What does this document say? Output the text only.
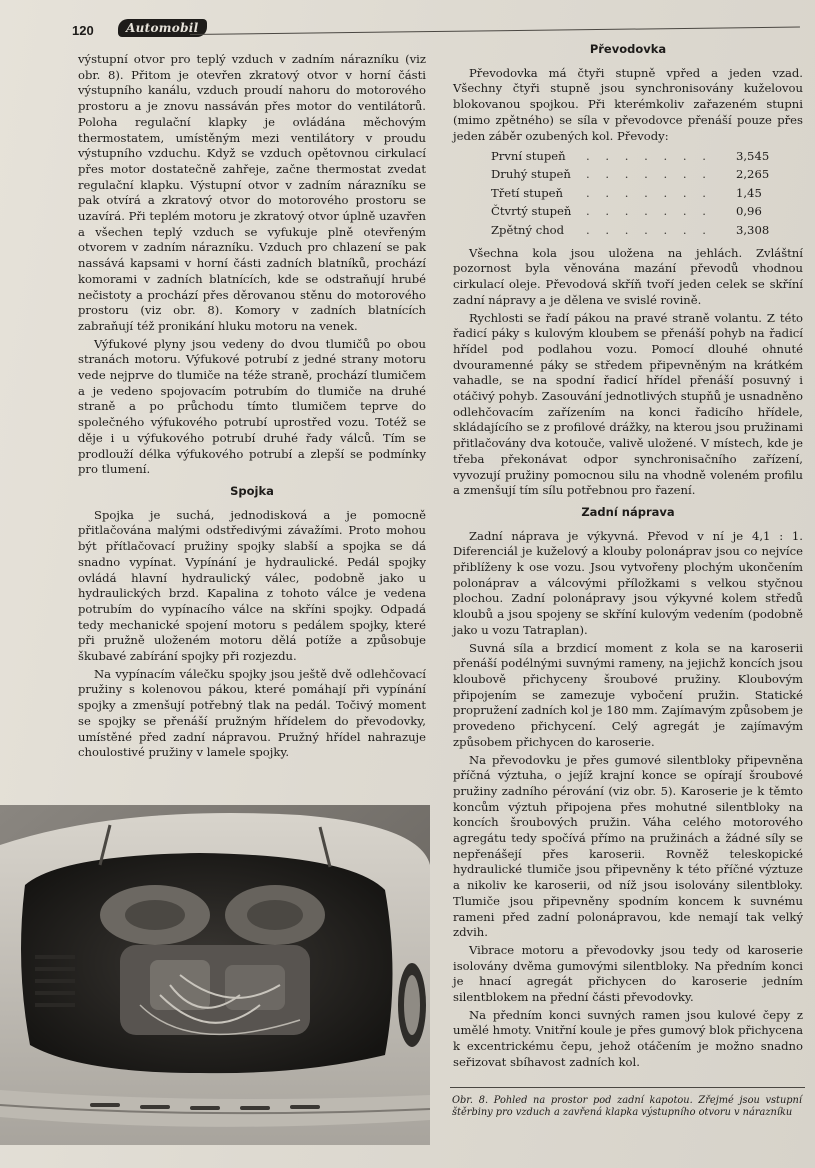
120	Automobil

výstupní otvor pro teplý vzduch v zadním nárazníku (viz obr. 8). Přitom je otevřen zkratový otvor v horní části výstupního kanálu, vzduch proudí nahoru do motorového prostoru a je znovu nassáván přes motor do ventilátorů. Poloha regulační klapky je ovládána měchovým thermostatem, umístěným mezi ventilátory v proudu výstupního vzduchu. Když se vzduch opětovnou cirkulací přes motor dostatečně zahřeje, začne thermostat zvedat regulační klapku. Výstupní otvor v zadním nárazníku se pak otvírá a zkratový otvor do motorového prostoru se uzavírá. Při teplém motoru je zkratový otvor úplně uzavřen a všechen teplý vzduch se vyfukuje plně otevřeným otvorem v zadním nárazníku. Vzduch pro chlazení se pak nassává kapsami v horní části zadních blatníků, prochází komorami v zadních blatnících, kde se odstraňují hrubé nečistoty a prochází přes děrovanou stěnu do motorového prostoru (viz obr. 8). Komory v zadních blatnících zabraňují též pronikání hluku motoru na venek.

Výfukové plyny jsou vedeny do dvou tlumičů po obou stranách motoru. Výfukové potrubí z jedné strany motoru vede nejprve do tlumiče na téže straně, prochází tlumičem a je vedeno spojovacím potrubím do tlumiče na druhé straně a po průchodu tímto tlumičem teprve do společného výfukového potrubí uprostřed vozu. Totéž se děje i u výfukového potrubí druhé řady válců. Tím se prodlouží délka výfukového potrubí a zlepší se podmínky pro tlumení.

Spojka

Spojka je suchá, jednodisková a je pomocně přitlačována malými odstředivými závažími. Proto mohou být přítlačovací pružiny spojky slabší a spojka se dá snadno vypínat. Vypínání je hydraulické. Pedál spojky ovládá hlavní hydraulický válec, podobně jako u hydraulických brzd. Kapalina z tohoto válce je vedena potrubím do vypínacího válce na skříni spojky. Odpadá tedy mechanické spojení motoru s pedálem spojky, které při pružně uloženém motoru dělá potíže a způsobuje škubavé zabírání spojky při rozjezdu.

Na vypínacím válečku spojky jsou ještě dvě odlehčovací pružiny s kolenovou pákou, které pomáhají při vypínání spojky a zmenšují potřebný tlak na pedál. Točivý moment se spojky se přenáší pružným hřídelem do převodovky, umístěné před zadní nápravou. Pružný hřídel nahrazuje choulostivé pružiny v lamele spojky.

Převodovka

Převodovka má čtyři stupně vpřed a jeden vzad. Všechny čtyři stupně jsou synchronisovány kuželovou blokovanou spojkou. Při kterémkoliv zařazeném stupni (mimo zpětného) se síla v převodovce přenáší pouze přes jeden záběr ozubených kol. Převody:

První stupeň	. . . . . . .	3,545
Druhý stupeň	. . . . . . .	2,265
Třetí stupeň	. . . . . . .	1,45
Čtvrtý stupeň	. . . . . . .	0,96
Zpětný chod	. . . . . . .	3,308

Všechna kola jsou uložena na jehlách. Zvláštní pozornost byla věnována mazání převodů vhodnou cirkulací oleje. Převodová skříň tvoří jeden celek se skříní zadní nápravy a je dělena ve svislé rovině.

Rychlosti se řadí pákou na pravé straně volantu. Z této řadicí páky s kulovým kloubem se přenáší pohyb na řadicí hřídel pod podlahou vozu. Pomocí dlouhé ohnuté dvouramenné páky se středem připevněným na krátkém vahadle, se na spodní řadicí hřídel přenáší posuvný i otáčivý pohyb. Zasouvání jednotlivých stupňů je usnadněno odlehčovacím zařízením na konci řadicího hřídele, skládajícího se z profilové drážky, na kterou jsou pružinami přitlačovány dva kotouče, valivě uložené. V místech, kde je třeba překonávat odpor synchronisačního zařízení, vyvozují pružiny pomocnou silu na vhodně voleném profilu a zmenšují tím sílu potřebnou pro řazení.

Zadní náprava

Zadní náprava je výkyvná. Převod v ní je 4,1 : 1. Diferenciál je kuželový a klouby polonáprav jsou co nejvíce přiblíženy k ose vozu. Jsou vytvořeny plochým ukončením polonáprav a válcovými příložkami s velkou styčnou plochou. Zadní polonápravy jsou výkyvné kolem středů kloubů a jsou spojeny se skříní kulovým vedením (podobně jako u vozu Tatraplan).

Suvná síla a brzdicí moment z kola se na karoserii přenáší podélnými suvnými rameny, na jejichž koncích jsou kloubově přichyceny šroubové pružiny. Kloubovým připojením se zamezuje vybočení pružin. Statické propružení zadních kol je 180 mm. Zajímavým způsobem je provedeno přichycení. Celý agregát je zajímavým způsobem přichycen do karoserie.

Na převodovku je přes gumové silentbloky připevněna příčná výztuha, o jejíž krajní konce se opírají šroubové pružiny zadního pérování (viz obr. 5). Karoserie je k těmto koncům výztuh připojena přes mohutné silentbloky na koncích šroubových pružin. Váha celého motorového agregátu tedy spočívá přímo na pružinách a žádné síly se nepřenášejí přes karoserii. Rovněž teleskopické hydraulické tlumiče jsou připevněny k této příčné výztuze a nikoliv ke karoserii, od níž jsou isolovány silentbloky. Tlumiče jsou připevněny spodním koncem k suvnému rameni před zadní polonápravou, kde nemají tak velký zdvih.

Vibrace motoru a převodovky jsou tedy od karoserie isolovány dvěma gumovými silentbloky. Na předním konci je hnací agregát přichycen do karoserie jedním silentblokem na přední části převodovky.

Na předním konci suvných ramen jsou kulové čepy z umělé hmoty. Vnitřní koule je přes gumový blok přichycena k excentrickému čepu, jehož otáčením je možno snadno seřizovat sbíhavost zadních kol.

Obr. 8. Pohled na prostor pod zadní kapotou. Zřejmé jsou vstupní štěrbiny pro vzduch a zavřená klapka výstupního otvoru v nárazníku
